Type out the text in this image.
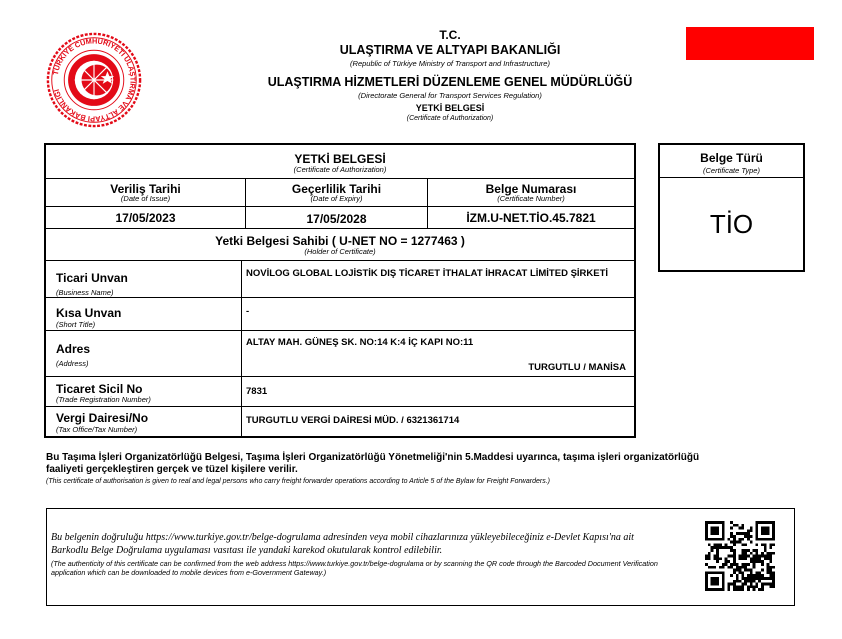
TÜRKİYE CUMHURİYETİ ULAŞTIRMA VE ALTYAPI BAKANLIĞI
T.C.
ULAŞTIRMA VE ALTYAPI BAKANLIĞI
(Republic of Türkiye Ministry of Transport and Infrastructure)
ULAŞTIRMA HİZMETLERİ DÜZENLEME GENEL MÜDÜRLÜĞÜ
(Directorate General for Transport Services Regulation)
YETKİ BELGESİ
(Certificate of Authorization)
YETKİ BELGESİ
(Certificate of Authorization)
Veriliş Tarihi
(Date of Issue)
Geçerlilik Tarihi
(Date of Expiry)
Belge Numarası
(Certificate Number)
17/05/2023	17/05/2028	İZM.U-NET.TİO.45.7821
Yetki Belgesi Sahibi ( U-NET NO = 1277463 )
(Holder of Certificate)
Ticari Unvan
(Business Name)
NOVİLOG GLOBAL LOJİSTİK DIŞ TİCARET İTHALAT İHRACAT LİMİTED ŞİRKETİ
Kısa Unvan
(Short Title)
-
Adres
(Address)
ALTAY MAH. GÜNEŞ SK. NO:14 K:4 İÇ KAPI NO:11
TURGUTLU / MANİSA
Ticaret Sicil No
(Trade Registration Number)
7831
Vergi Dairesi/No
(Tax Office/Tax Number)
TURGUTLU VERGİ DAİRESİ MÜD. / 6321361714
Belge Türü
(Certificate Type)
TİO
Bu Taşıma İşleri Organizatörlüğü Belgesi, Taşıma İşleri Organizatörlüğü Yönetmeliği'nin 5.Maddesi uyarınca, taşıma işleri organizatörlüğü faaliyeti gerçekleştiren gerçek ve tüzel kişilere verilir.
(This certificate of authorisation is given to real and legal persons who carry freight forwarder operations according to Article 5 of the Bylaw for Freight Forwarders.)
Bu belgenin doğruluğu https://www.turkiye.gov.tr/belge-dogrulama adresinden veya mobil cihazlarınıza yükleyebileceğiniz e-Devlet Kapısı'na ait Barkodlu Belge Doğrulama uygulaması vasıtası ile yandaki karekod okutularak kontrol edilebilir.
(The authenticity of this certificate can be confirmed from the web address https://www.turkiye.gov.tr/belge-dogrulama or by scanning the QR code through the Barcoded Document Verification application which can be downloaded to mobile devices from e-Government Gateway.)
